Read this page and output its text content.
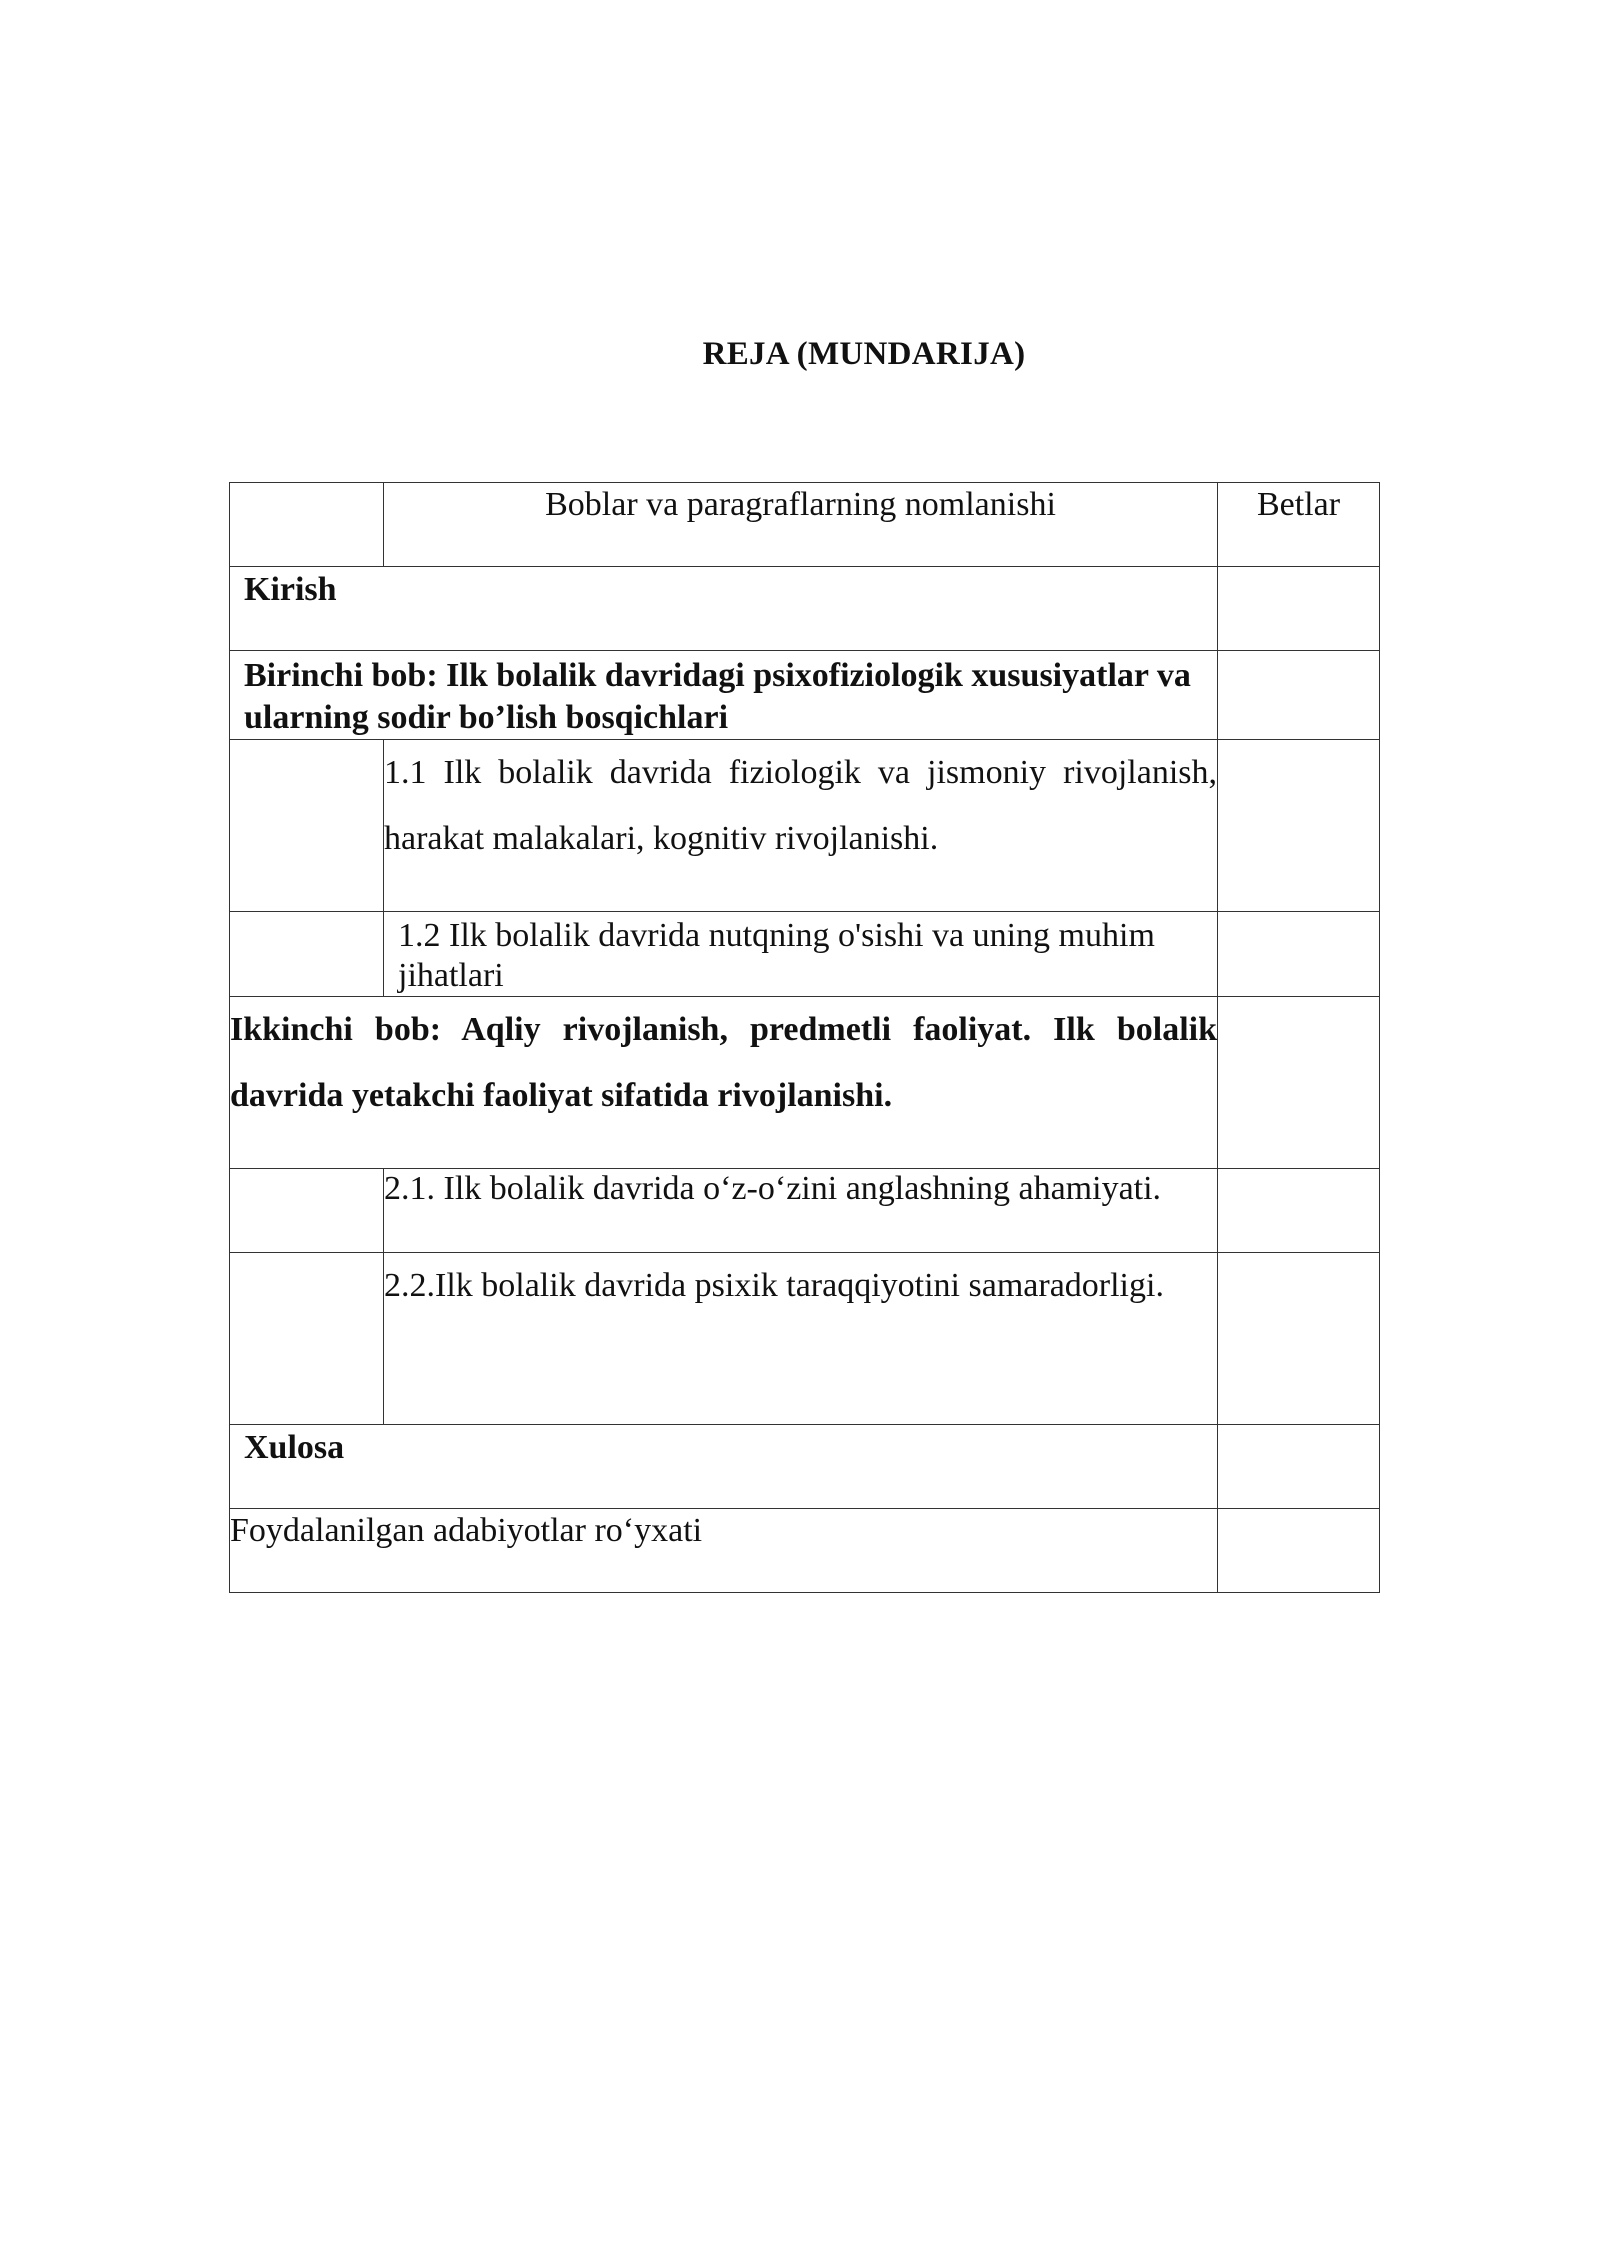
REJA (MUNDARIJA)
	Boblar va paragraflarning nomlanishi	Betlar
Kirish		
Birinchi bob: Ilk bolalik davridagi psixofiziologik xususiyatlar va ularning sodir bo’lish bosqichlari		
	1.1 Ilk bolalik davrida fiziologik va jismoniy rivojlanish, harakat malakalari, kognitiv rivojlanishi.	
	1.2 Ilk bolalik davrida nutqning o'sishi va uning muhim jihatlari	
Ikkinchi bob: Aqliy rivojlanish, predmetli faoliyat. Ilk bolalik davrida yetakchi faoliyat sifatida rivojlanishi.		
	2.1. Ilk bolalik davrida o‘z-o‘zini anglashning ahamiyati.	
	2.2.Ilk bolalik davrida psixik taraqqiyotini samaradorligi.	
Xulosa		
Foydalanilgan adabiyotlar ro‘yxati		
